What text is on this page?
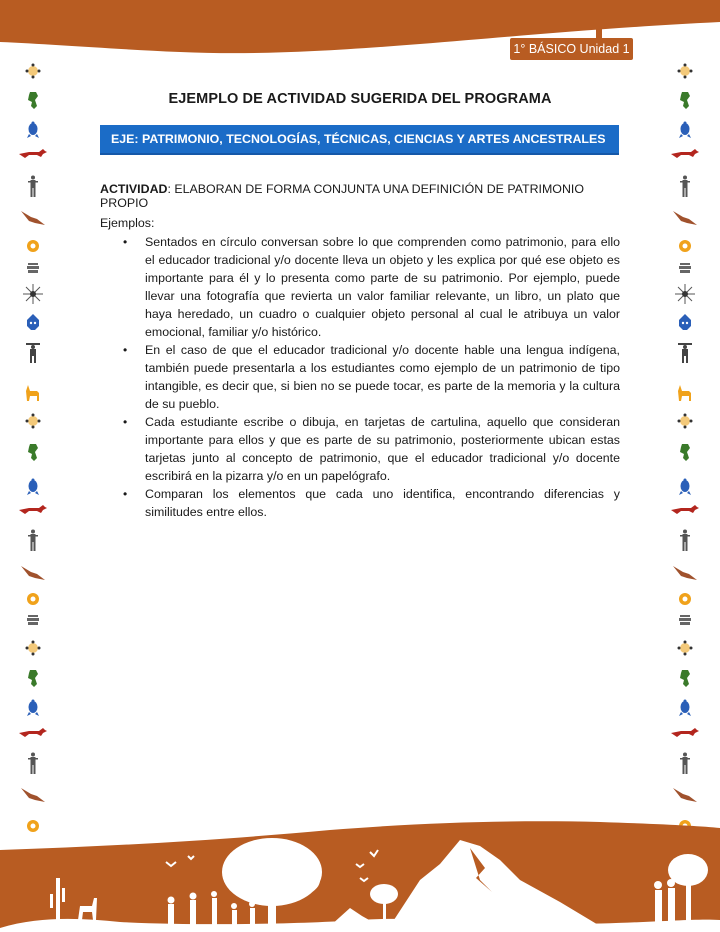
1° BÁSICO Unidad 1
EJEMPLO DE ACTIVIDAD SUGERIDA DEL PROGRAMA
EJE: PATRIMONIO, TECNOLOGÍAS, TÉCNICAS, CIENCIAS Y ARTES ANCESTRALES
ACTIVIDAD: ELABORAN DE FORMA CONJUNTA UNA DEFINICIÓN DE PATRIMONIO PROPIO
Ejemplos:
• Sentados en círculo conversan sobre lo que comprenden como patrimonio, para ello el educador tradicional y/o docente lleva un objeto y les explica por qué ese objeto es importante para él y lo presenta como parte de su patrimonio. Por ejemplo, puede llevar una fotografía que revierta un valor familiar relevante, un libro, un plato que haya heredado, un cuadro o cualquier objeto personal al cual le atribuya un valor emocional, familiar y/o histórico.
• En el caso de que el educador tradicional y/o docente hable una lengua indígena, también puede presentarla a los estudiantes como ejemplo de un patrimonio de tipo intangible, es decir que, si bien no se puede tocar, es parte de la memoria y la cultura de su pueblo.
• Cada estudiante escribe o dibuja, en tarjetas de cartulina, aquello que consideran importante para ellos y que es parte de su patrimonio, posteriormente ubican estas tarjetas junto al concepto de patrimonio, que el educador tradicional y/o docente escribirá en la pizarra y/o en un papelógrafo.
• Comparan los elementos que cada uno identifica, encontrando diferencias y similitudes entre ellos.
